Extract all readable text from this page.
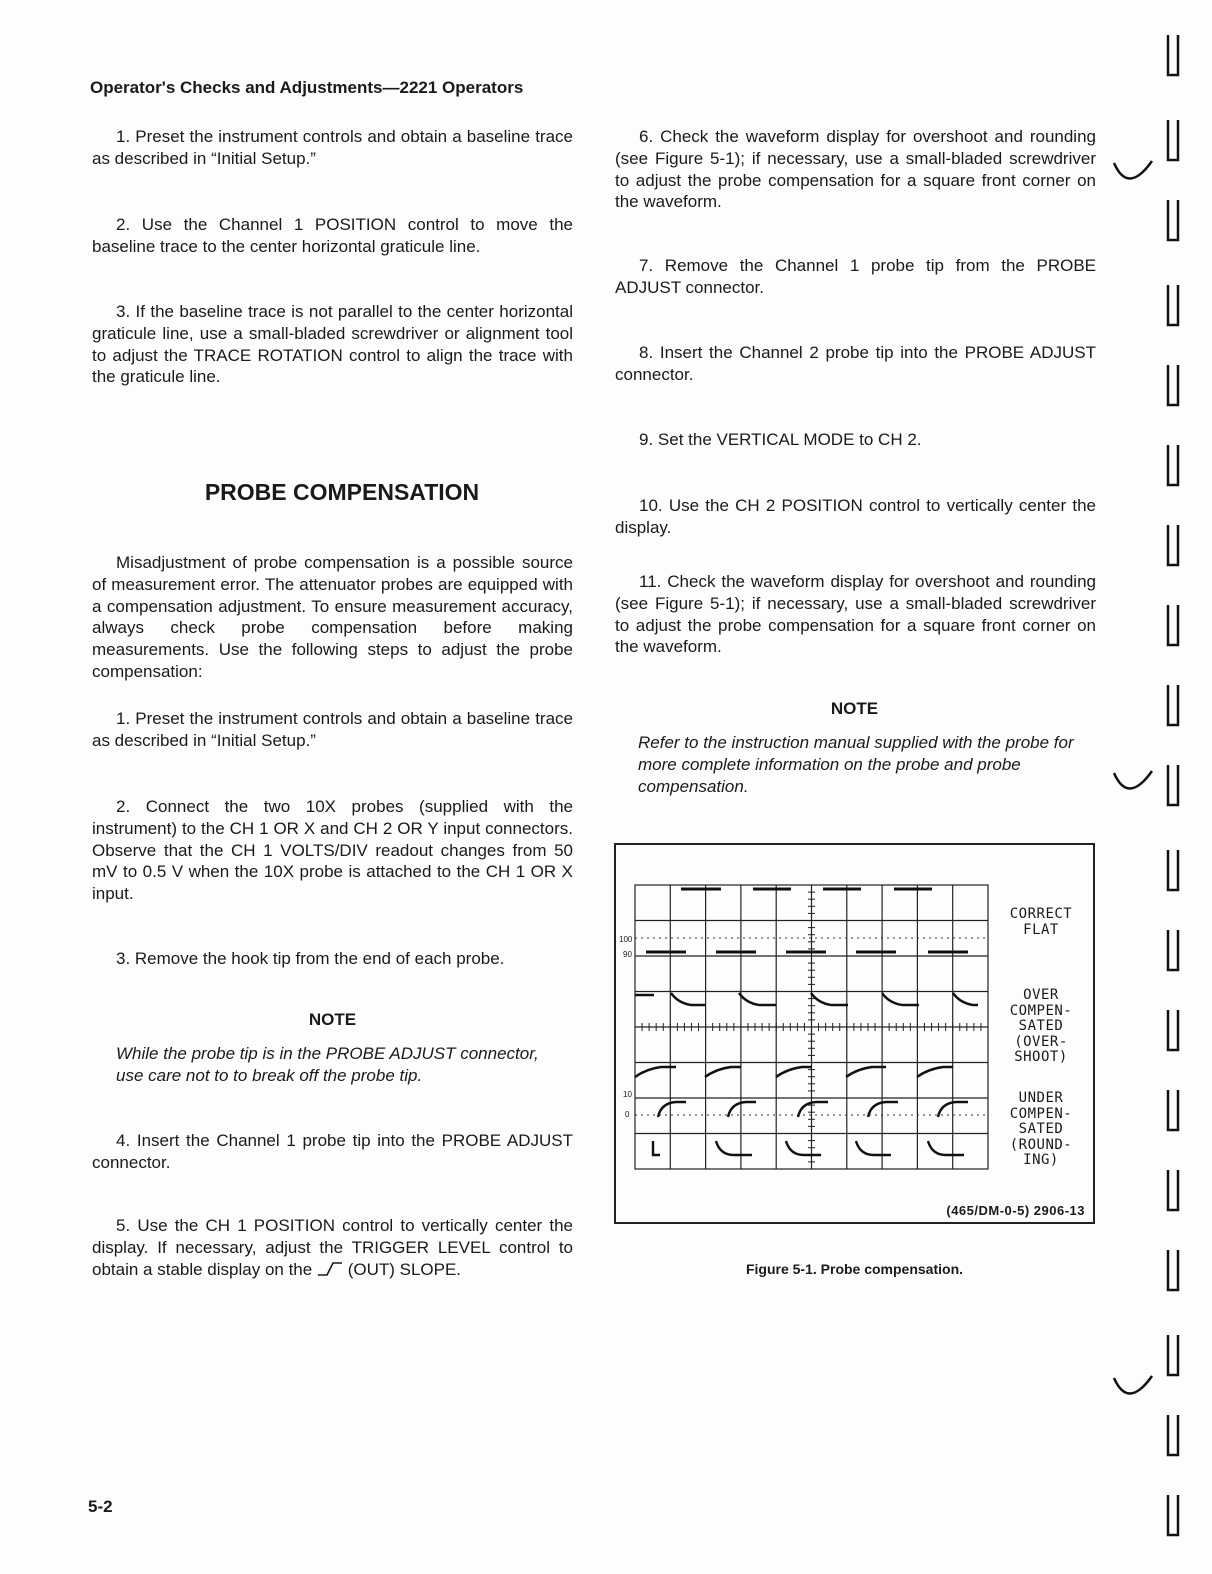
Operator's Checks and Adjustments—2221 Operators

1. Preset the instrument controls and obtain a baseline trace as described in “Initial Setup.”

2. Use the Channel 1 POSITION control to move the baseline trace to the center horizontal graticule line.

3. If the baseline trace is not parallel to the center horizontal graticule line, use a small-bladed screwdriver or alignment tool to adjust the TRACE ROTATION control to align the trace with the graticule line.

PROBE COMPENSATION

Misadjustment of probe compensation is a possible source of measurement error. The attenuator probes are equipped with a compensation adjustment. To ensure measurement accuracy, always check probe compensation before making measurements. Use the following steps to adjust the probe compensation:

1. Preset the instrument controls and obtain a baseline trace as described in “Initial Setup.”

2. Connect the two 10X probes (supplied with the instrument) to the CH 1 OR X and CH 2 OR Y input connectors. Observe that the CH 1 VOLTS/DIV readout changes from 50 mV to 0.5 V when the 10X probe is attached to the CH 1 OR X input.

3. Remove the hook tip from the end of each probe.

NOTE
While the probe tip is in the PROBE ADJUST connector, use care not to to break off the probe tip.

4. Insert the Channel 1 probe tip into the PROBE ADJUST connector.

5. Use the CH 1 POSITION control to vertically center the display. If necessary, adjust the TRIGGER LEVEL control to obtain a stable display on the (OUT) SLOPE.

6. Check the waveform display for overshoot and rounding (see Figure 5-1); if necessary, use a small-bladed screwdriver to adjust the probe compensation for a square front corner on the waveform.

7. Remove the Channel 1 probe tip from the PROBE ADJUST connector.

8. Insert the Channel 2 probe tip into the PROBE ADJUST connector.

9. Set the VERTICAL MODE to CH 2.

10. Use the CH 2 POSITION control to vertically center the display.

11. Check the waveform display for overshoot and rounding (see Figure 5-1); if necessary, use a small-bladed screwdriver to adjust the probe compensation for a square front corner on the waveform.

NOTE
Refer to the instruction manual supplied with the probe for more complete information on the probe and probe compensation.
100
90
10
0
CORRECT
FLAT
OVER
COMPEN-
SATED
(OVER-
SHOOT)
UNDER
COMPEN-
SATED
(ROUND-
ING)
(465/DM-0-5) 2906-13
Figure 5-1. Probe compensation.
5-2
